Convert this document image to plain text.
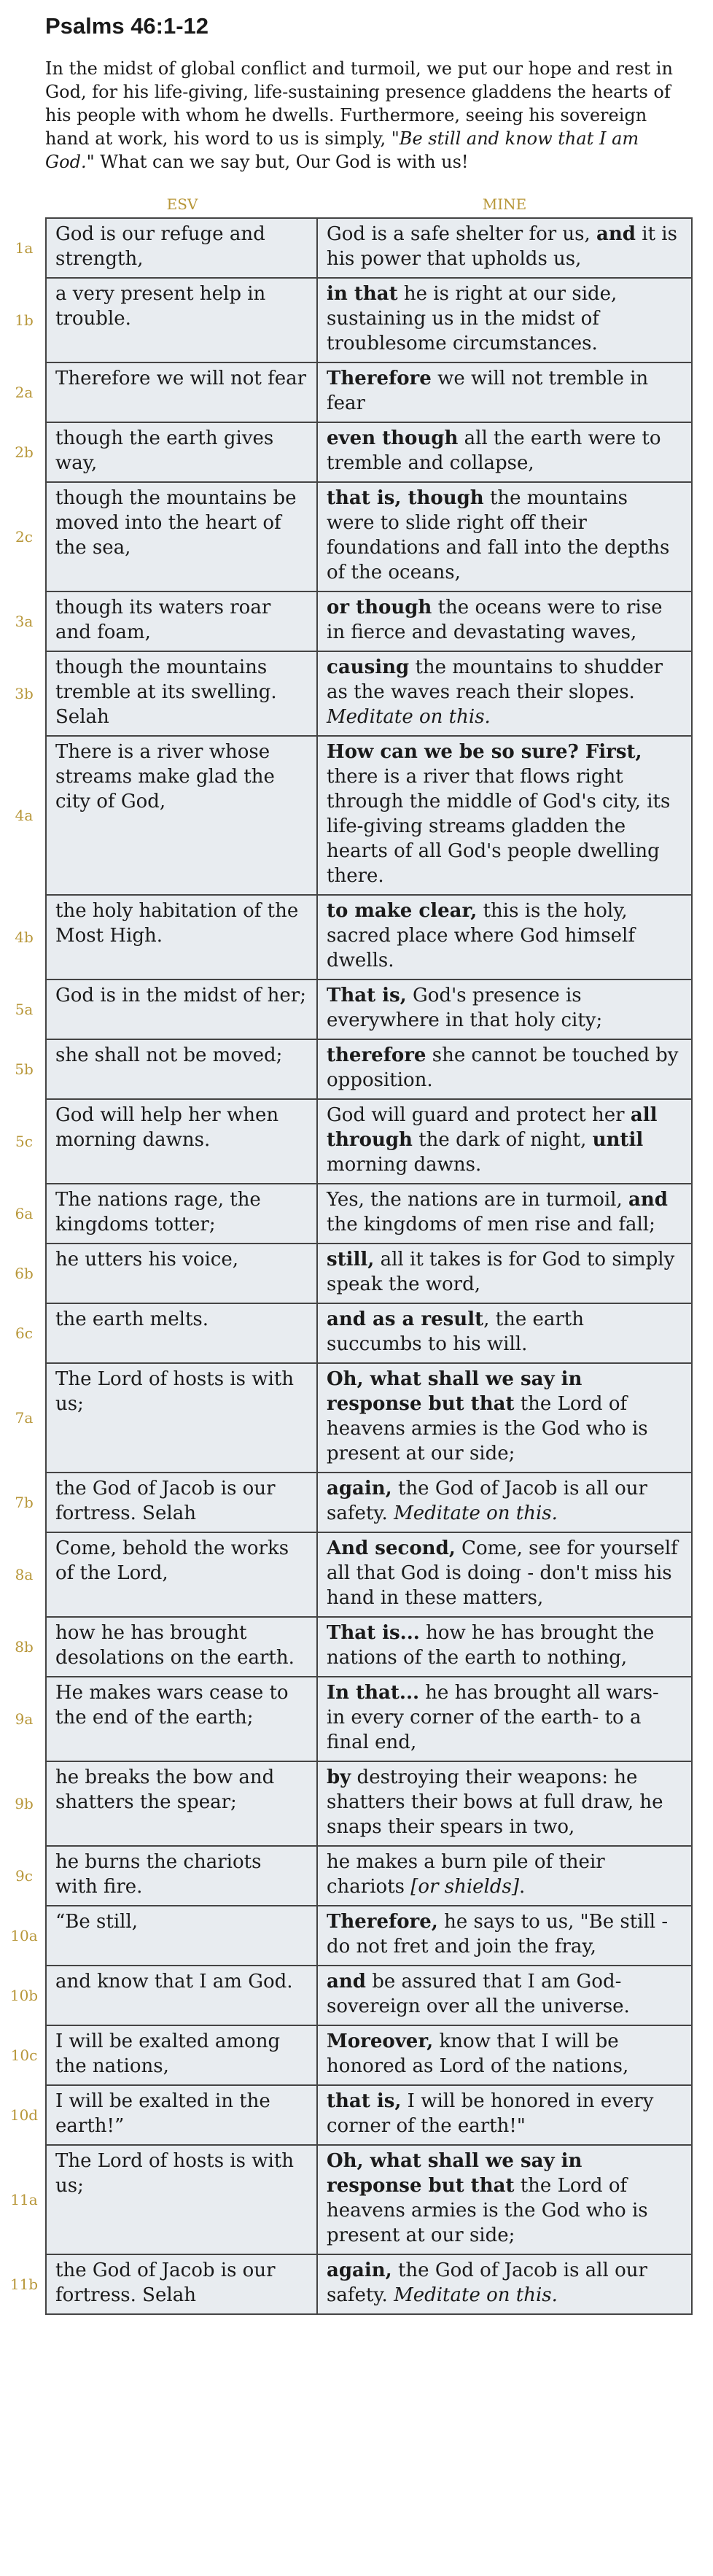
Psalms 46:1-12
In the midst of global conflict and turmoil, we put our hope and rest in God, for his life-giving, life-sustaining presence gladdens the hearts of his people with whom he dwells. Furthermore, seeing his sovereign hand at work, his word to us is simply, "Be still and know that I am God." What can we say but, Our God is with us!
ESV	MINE
1a
God is our refuge and strength,
God is a safe shelter for us, and it is his power that upholds us,
1b
a very present help in trouble.
in that he is right at our side, sustaining us in the midst of troublesome circumstances.
2a
Therefore we will not fear	Therefore we will not tremble in fear
2b
though the earth gives way,
even though all the earth were to tremble and collapse,
2c
though the mountains be moved into the heart of the sea,
that is, though the mountains were to slide right off their foundations and fall into the depths of the oceans,
3a
though its waters roar and foam,
or though the oceans were to rise in fierce and devastating waves,
3b
though the mountains tremble at its swelling. Selah
causing the mountains to shudder as the waves reach their slopes. Meditate on this.
4a
There is a river whose streams make glad the city of God,
How can we be so sure? First, there is a river that flows right through the middle of God's city, its life-giving streams gladden the hearts of all God's people dwelling there.
4b
the holy habitation of the Most High.
to make clear, this is the holy, sacred place where God himself dwells.
5a
God is in the midst of her;	That is, God's presence is everywhere in that holy city;
5b
she shall not be moved;	therefore she cannot be touched by opposition.
5c
God will help her when morning dawns.
God will guard and protect her all through the dark of night, until morning dawns.
6a
The nations rage, the kingdoms totter;
Yes, the nations are in turmoil, and the kingdoms of men rise and fall;
6b
he utters his voice,	still, all it takes is for God to simply speak the word,
6c
the earth melts.	and as a result, the earth succumbs to his will.
7a
The Lord of hosts is with us;
Oh, what shall we say in response but that the Lord of heavens armies is the God who is present at our side;
7b
the God of Jacob is our fortress. Selah
again, the God of Jacob is all our safety. Meditate on this.
8a
Come, behold the works of the Lord,
And second, Come, see for yourself all that God is doing - don't miss his hand in these matters,
8b
how he has brought desolations on the earth.
That is... how he has brought the nations of the earth to nothing,
9a
He makes wars cease to the end of the earth;
In that... he has brought all wars- in every corner of the earth- to a final end,
9b
he breaks the bow and shatters the spear;
by destroying their weapons: he shatters their bows at full draw, he snaps their spears in two,
9c
he burns the chariots with fire.
he makes a burn pile of their chariots [or shields].
10a
“Be still,	Therefore, he says to us, "Be still - do not fret and join the fray,
10b
and know that I am God.	and be assured that I am God-sovereign over all the universe.
10c
I will be exalted among the nations,
Moreover, know that I will be honored as Lord of the nations,
10d
I will be exalted in the earth!”
that is, I will be honored in every corner of the earth!"
11a
The Lord of hosts is with us;
Oh, what shall we say in response but that the Lord of heavens armies is the God who is present at our side;
11b
the God of Jacob is our fortress. Selah
again, the God of Jacob is all our safety. Meditate on this.
